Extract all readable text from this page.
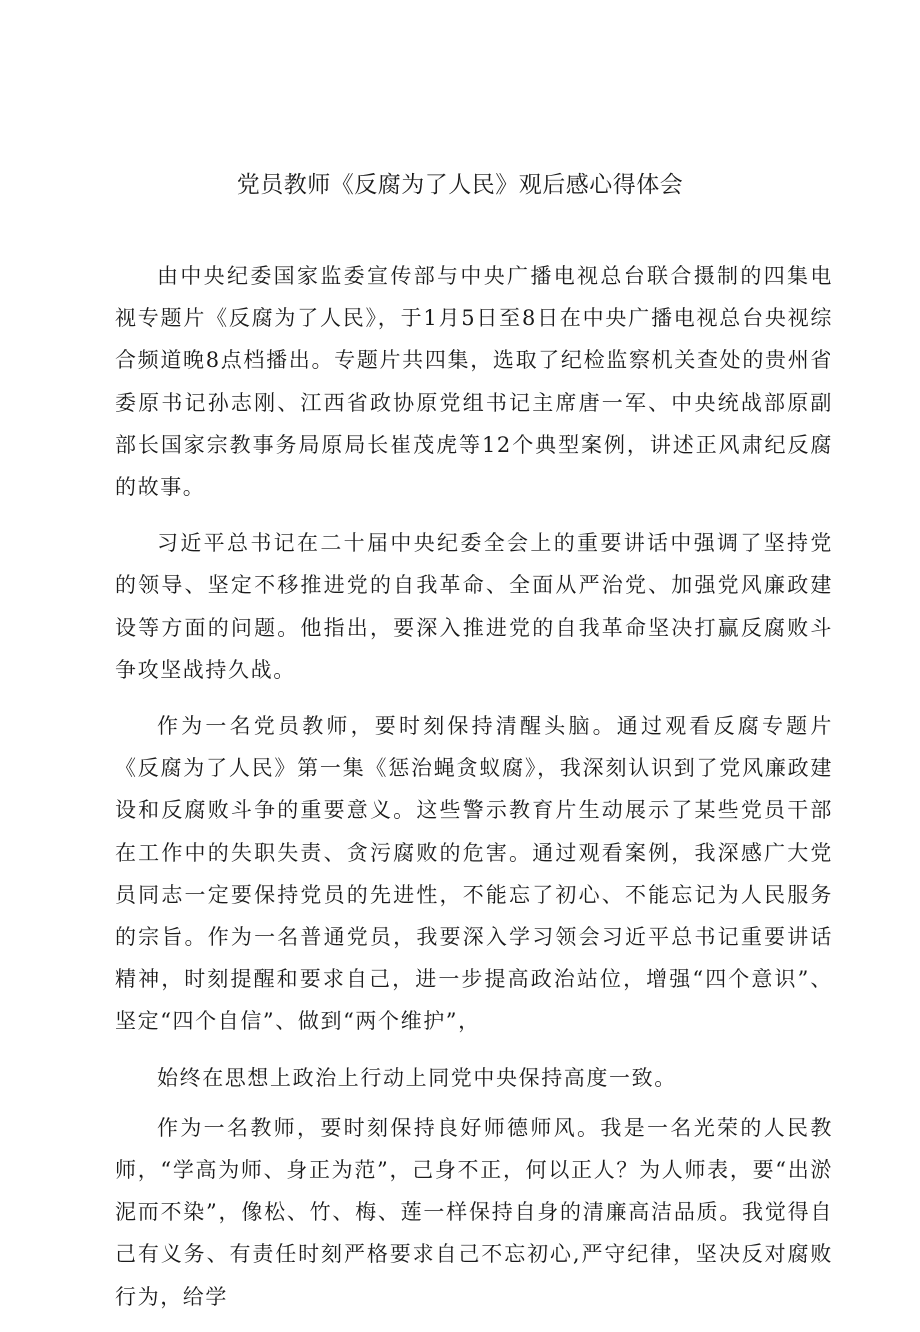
党员教师《反腐为了人民》观后感心得体会

由中央纪委国家监委宣传部与中央广播电视总台联合摄制的四集电视专题片《反腐为了人民》，于1月5日至8日在中央广播电视总台央视综合频道晚8点档播出。专题片共四集，选取了纪检监察机关查处的贵州省委原书记孙志刚、江西省政协原党组书记主席唐一军、中央统战部原副部长国家宗教事务局原局长崔茂虎等12个典型案例，讲述正风肃纪反腐的故事。

习近平总书记在二十届中央纪委全会上的重要讲话中强调了坚持党的领导、坚定不移推进党的自我革命、全面从严治党、加强党风廉政建设等方面的问题。他指出，要深入推进党的自我革命坚决打赢反腐败斗争攻坚战持久战。

作为一名党员教师，要时刻保持清醒头脑。通过观看反腐专题片《反腐为了人民》第一集《惩治蝇贪蚁腐》，我深刻认识到了党风廉政建设和反腐败斗争的重要意义。这些警示教育片生动展示了某些党员干部在工作中的失职失责、贪污腐败的危害。通过观看案例，我深感广大党员同志一定要保持党员的先进性，不能忘了初心、不能忘记为人民服务的宗旨。作为一名普通党员，我要深入学习领会习近平总书记重要讲话精神，时刻提醒和要求自己，进一步提高政治站位，增强“四个意识”、坚定“四个自信”、做到“两个维护”，

始终在思想上政治上行动上同党中央保持高度一致。

作为一名教师，要时刻保持良好师德师风。我是一名光荣的人民教师，“学高为师、身正为范”，己身不正，何以正人？为人师表，要“出淤泥而不染”，像松、竹、梅、莲一样保持自身的清廉高洁品质。我觉得自己有义务、有责任时刻严格要求自己不忘初心,严守纪律，坚决反对腐败行为，给学
